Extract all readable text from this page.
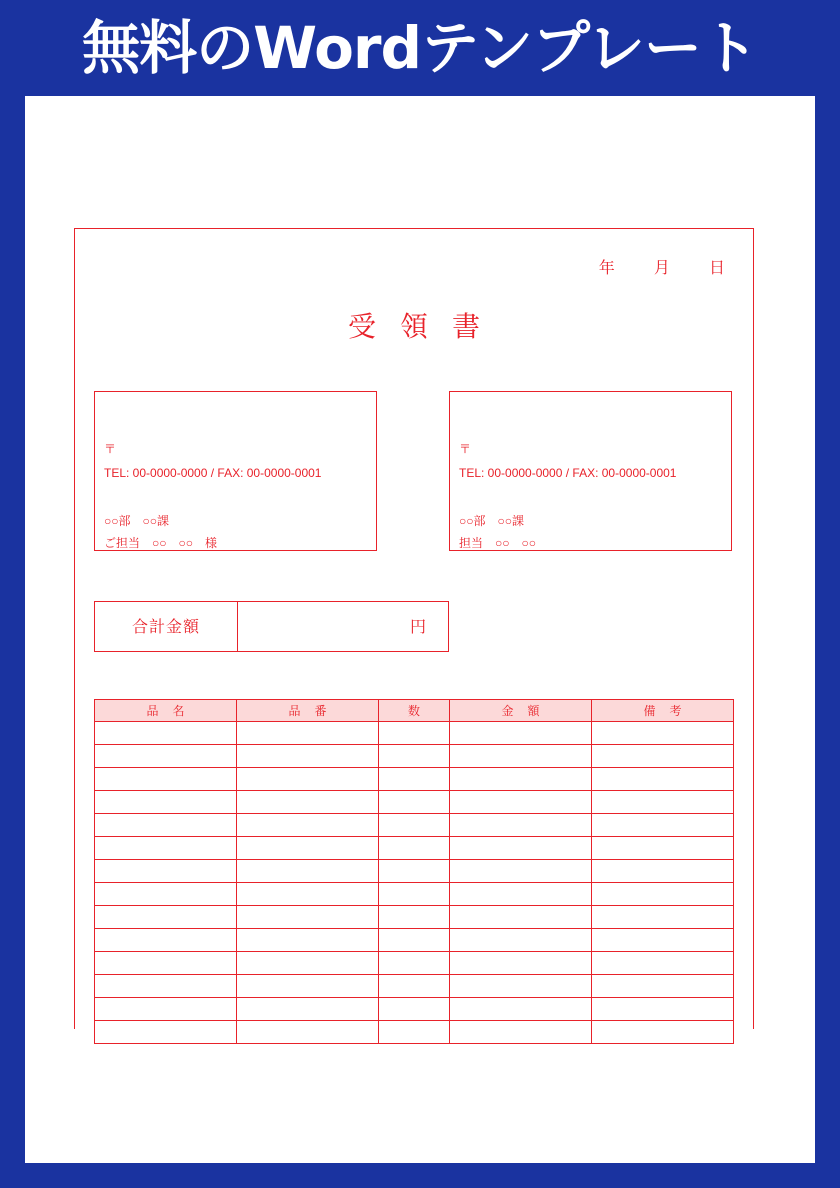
無料のWordテンプレート
年 月 日
受領書
〒
TEL: 00-0000-0000 / FAX: 00-0000-0001
○○部　○○課
ご担当　○○　○○　様
〒
TEL: 00-0000-0000 / FAX: 00-0000-0001
○○部　○○課
担当　○○　○○
合計金額	円
品名	品番	数	金額	備考
